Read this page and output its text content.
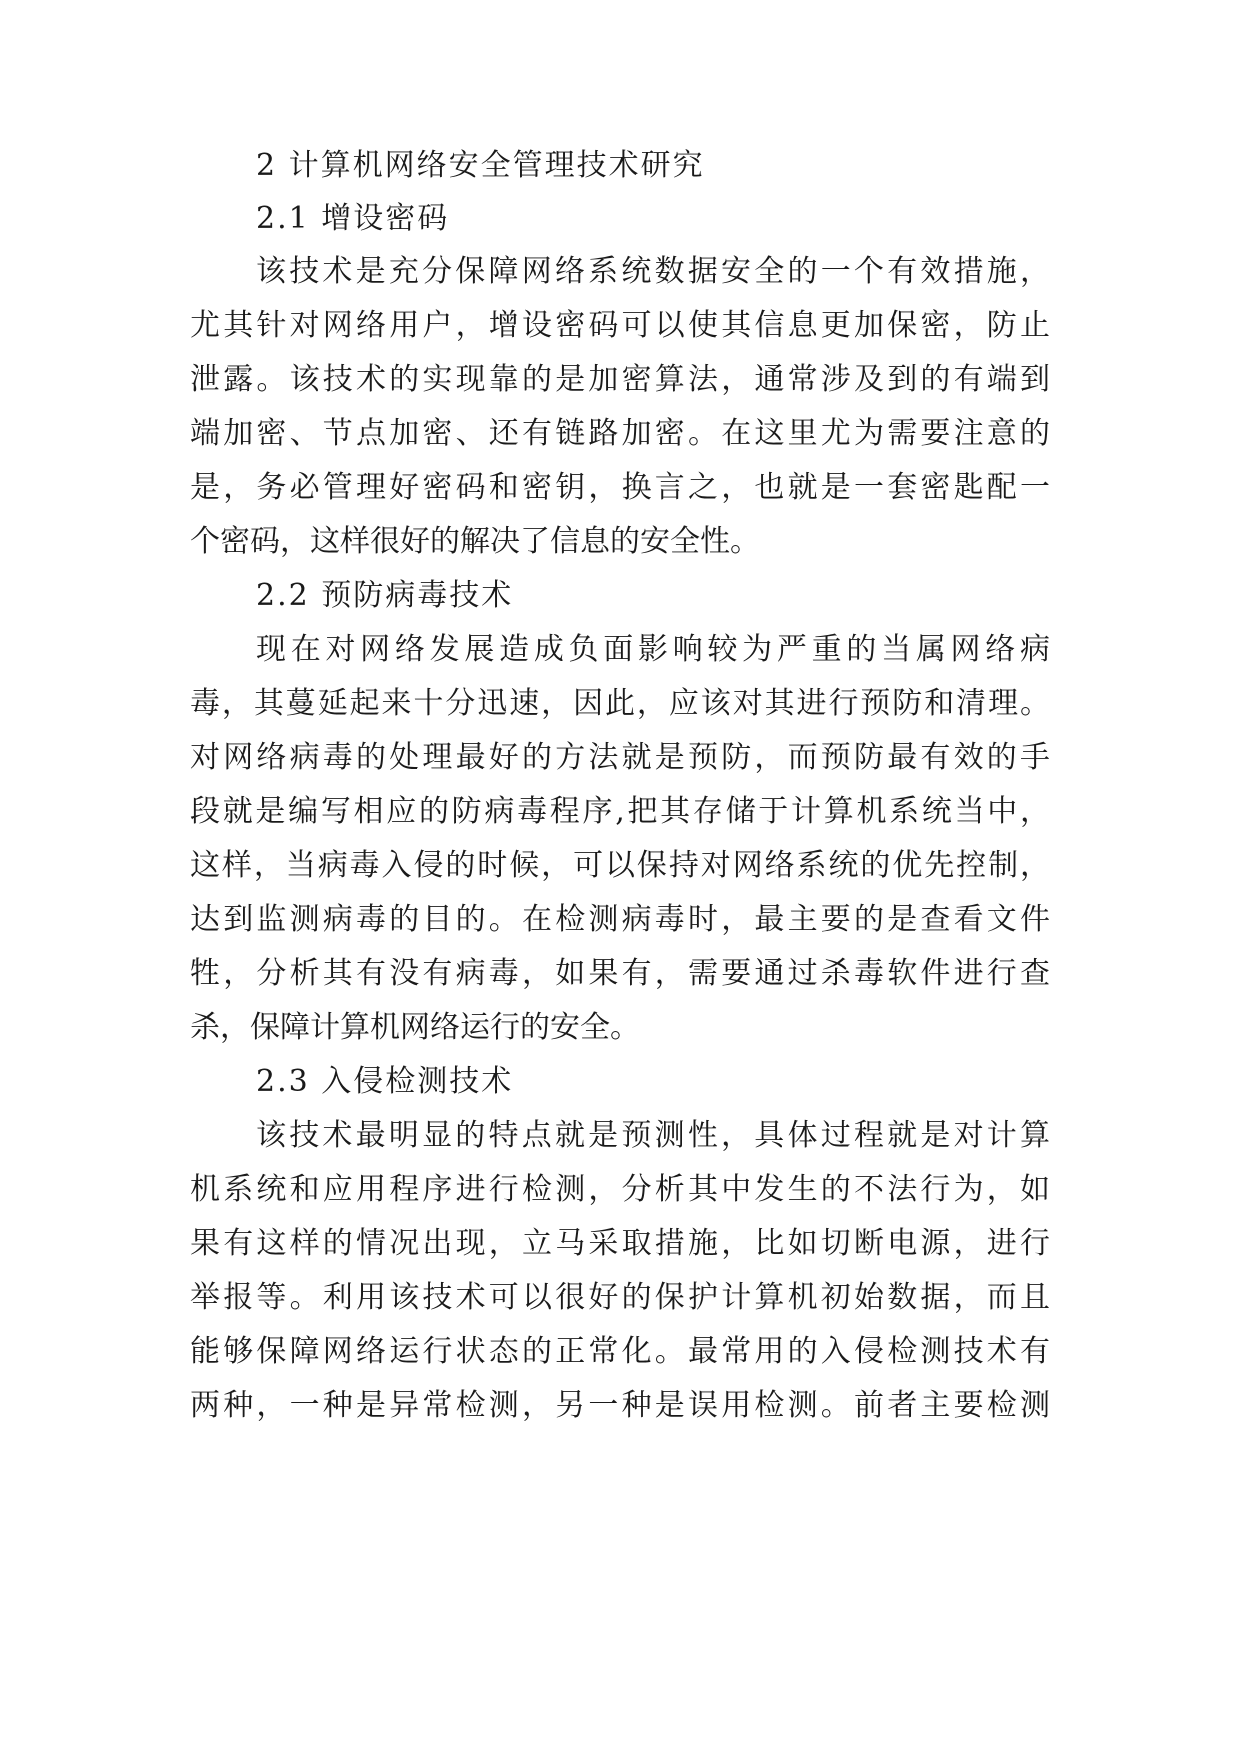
2 计算机网络安全管理技术研究
2.1 增设密码
该技术是充分保障网络系统数据安全的一个有效措施，
尤其针对网络用户，增设密码可以使其信息更加保密，防止
泄露。该技术的实现靠的是加密算法，通常涉及到的有端到
端加密、节点加密、还有链路加密。在这里尤为需要注意的
是，务必管理好密码和密钥，换言之，也就是一套密匙配一
个密码，这样很好的解决了信息的安全性。
2.2 预防病毒技术
现在对网络发展造成负面影响较为严重的当属网络病
毒，其蔓延起来十分迅速，因此，应该对其进行预防和清理。
对网络病毒的处理最好的方法就是预防，而预防最有效的手
段就是编写相应的防病毒程序,把其存储于计算机系统当中，
这样，当病毒入侵的时候，可以保持对网络系统的优先控制，
达到监测病毒的目的。在检测病毒时，最主要的是查看文件
牲，分析其有没有病毒，如果有，需要通过杀毒软件进行查
杀，保障计算机网络运行的安全。
2.3 入侵检测技术
该技术最明显的特点就是预测性，具体过程就是对计算
机系统和应用程序进行检测，分析其中发生的不法行为，如
果有这样的情况出现，立马采取措施，比如切断电源，进行
举报等。利用该技术可以很好的保护计算机初始数据，而且
能够保障网络运行状态的正常化。最常用的入侵检测技术有
两种，一种是异常检测，另一种是误用检测。前者主要检测
